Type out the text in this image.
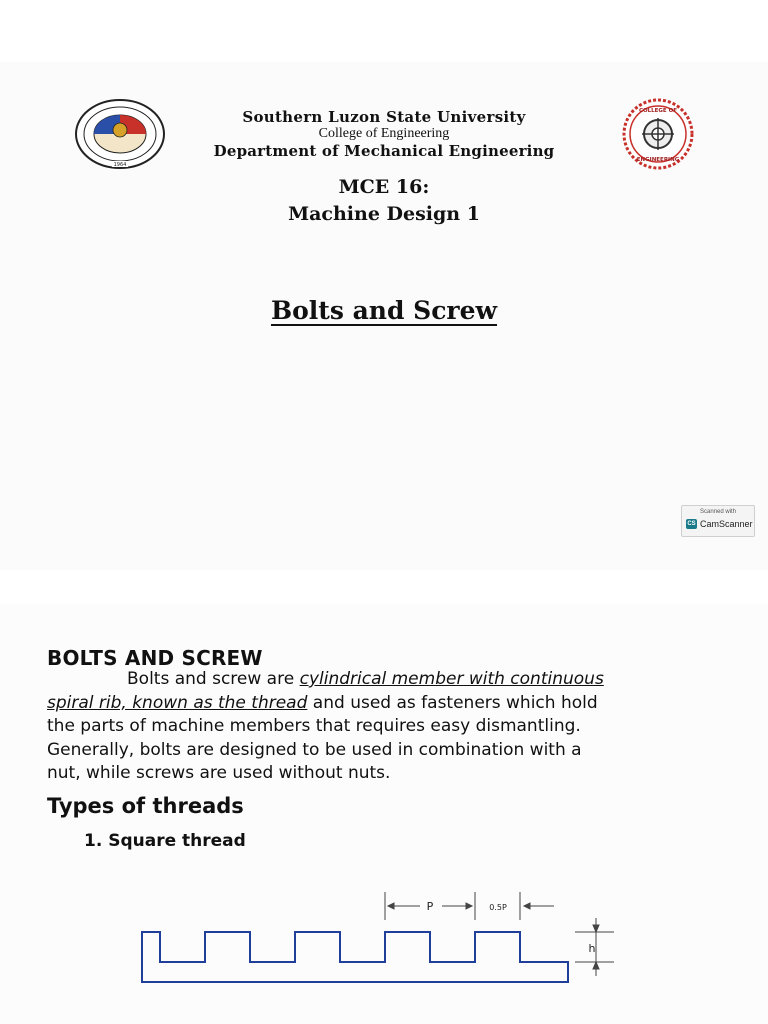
1964
Southern Luzon State University
College of Engineering
Department of Mechanical Engineering
COLLEGE OF
ENGINEERING
MCE 16:
Machine Design 1
Bolts and Screw
Scanned with
CS CamScanner
BOLTS AND SCREW
Bolts and screw are cylindrical member with continuous
spiral rib, known as the thread and used as fasteners which hold
the parts of machine members that requires easy dismantling.
Generally, bolts are designed to be used in combination with a
nut, while screws are used without nuts.
Types of threads
1. Square thread
P	0.5P
h
